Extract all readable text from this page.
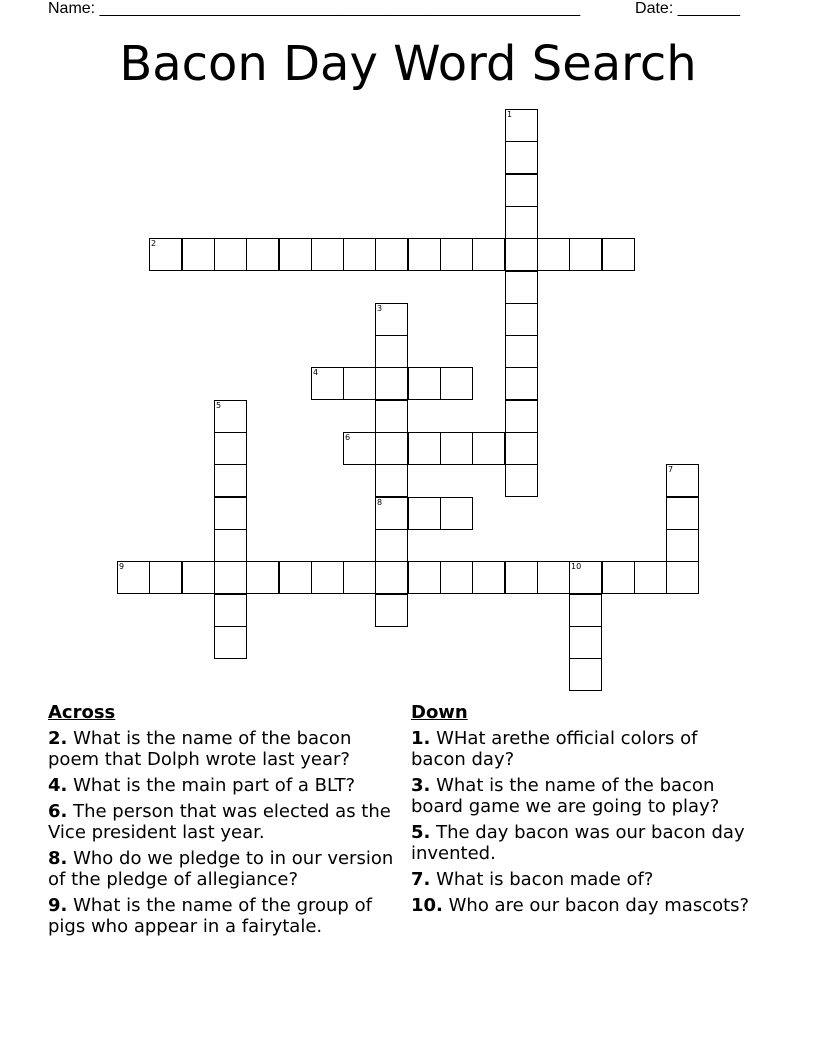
Name: ______________________________________________________	Date: _______
Bacon Day Word Search
1
2
3
8
4
5
6
7
9	10
Across
2. What is the name of the bacon poem that Dolph wrote last year?
4. What is the main part of a BLT?
6. The person that was elected as the Vice president last year.
8. Who do we pledge to in our version of the pledge of allegiance?
9. What is the name of the group of pigs who appear in a fairytale.
Down
1. WHat arethe official colors of bacon day?
3. What is the name of the bacon board game we are going to play?
5. The day bacon was our bacon day invented.
7. What is bacon made of?
10. Who are our bacon day mascots?
